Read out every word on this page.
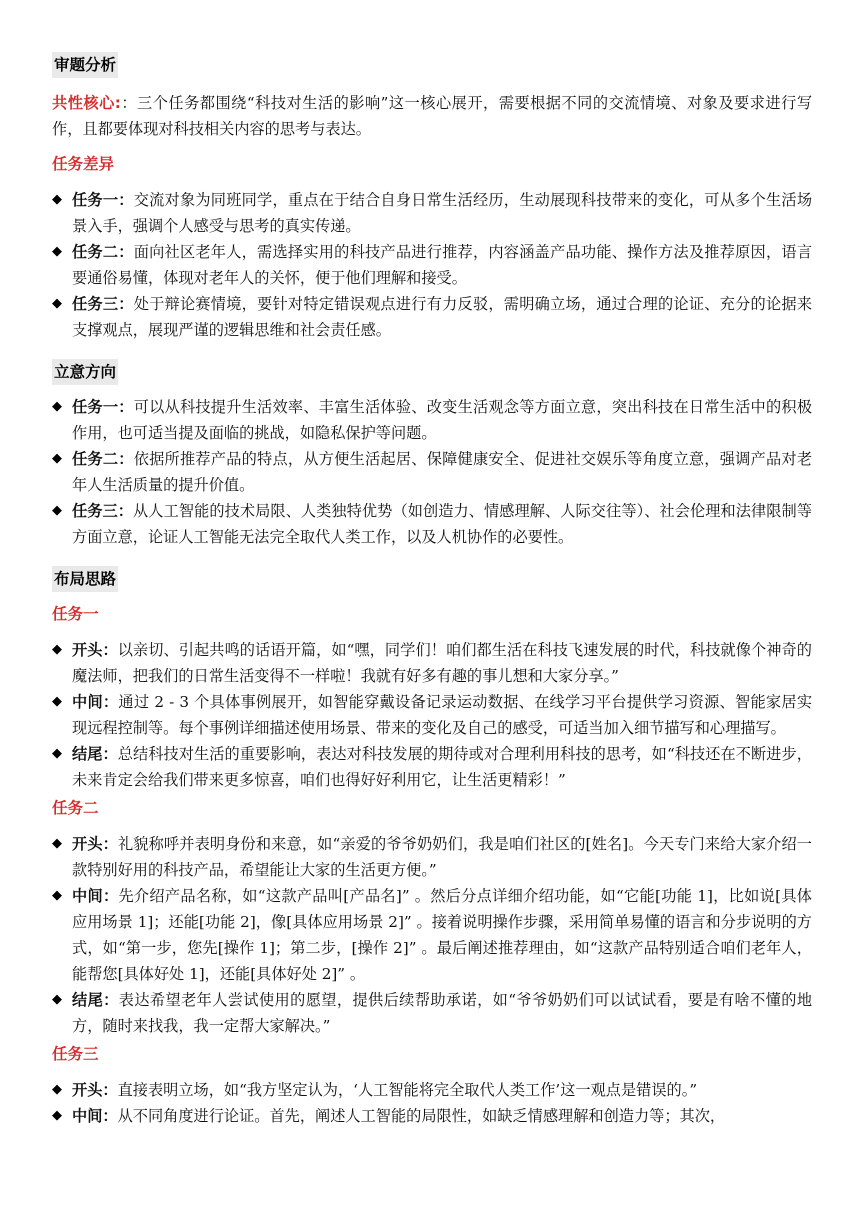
审题分析
共性核心:：三个任务都围绕“科技对生活的影响”这一核心展开，需要根据不同的交流情境、对象及要求进行写作，且都要体现对科技相关内容的思考与表达。
任务差异
◆ 任务一：交流对象为同班同学，重点在于结合自身日常生活经历，生动展现科技带来的变化，可从多个生活场景入手，强调个人感受与思考的真实传递。
◆ 任务二：面向社区老年人，需选择实用的科技产品进行推荐，内容涵盖产品功能、操作方法及推荐原因，语言要通俗易懂，体现对老年人的关怀，便于他们理解和接受。
◆ 任务三：处于辩论赛情境，要针对特定错误观点进行有力反驳，需明确立场，通过合理的论证、充分的论据来支撑观点，展现严谨的逻辑思维和社会责任感。
立意方向
◆ 任务一：可以从科技提升生活效率、丰富生活体验、改变生活观念等方面立意，突出科技在日常生活中的积极作用，也可适当提及面临的挑战，如隐私保护等问题。
◆ 任务二：依据所推荐产品的特点，从方便生活起居、保障健康安全、促进社交娱乐等角度立意，强调产品对老年人生活质量的提升价值。
◆ 任务三：从人工智能的技术局限、人类独特优势（如创造力、情感理解、人际交往等）、社会伦理和法律限制等方面立意，论证人工智能无法完全取代人类工作，以及人机协作的必要性。
布局思路
任务一
◆ 开头：以亲切、引起共鸣的话语开篇，如“嘿，同学们！咱们都生活在科技飞速发展的时代，科技就像个神奇的魔法师，把我们的日常生活变得不一样啦！我就有好多有趣的事儿想和大家分享。”
◆ 中间：通过 2 - 3 个具体事例展开，如智能穿戴设备记录运动数据、在线学习平台提供学习资源、智能家居实现远程控制等。每个事例详细描述使用场景、带来的变化及自己的感受，可适当加入细节描写和心理描写。
◆ 结尾：总结科技对生活的重要影响，表达对科技发展的期待或对合理利用科技的思考，如“科技还在不断进步，未来肯定会给我们带来更多惊喜，咱们也得好好利用它，让生活更精彩！”
任务二
◆ 开头：礼貌称呼并表明身份和来意，如“亲爱的爷爷奶奶们，我是咱们社区的[姓名]。今天专门来给大家介绍一款特别好用的科技产品，希望能让大家的生活更方便。”
◆ 中间：先介绍产品名称，如“这款产品叫[产品名]” 。然后分点详细介绍功能，如“它能[功能 1]，比如说[具体应用场景 1]；还能[功能 2]，像[具体应用场景 2]” 。接着说明操作步骤，采用简单易懂的语言和分步说明的方式，如“第一步，您先[操作 1]；第二步，[操作 2]” 。最后阐述推荐理由，如“这款产品特别适合咱们老年人，能帮您[具体好处 1]，还能[具体好处 2]” 。
◆ 结尾：表达希望老年人尝试使用的愿望，提供后续帮助承诺，如“爷爷奶奶们可以试试看，要是有啥不懂的地方，随时来找我，我一定帮大家解决。”
任务三
◆ 开头：直接表明立场，如“我方坚定认为，‘人工智能将完全取代人类工作’这一观点是错误的。”
◆ 中间：从不同角度进行论证。首先，阐述人工智能的局限性，如缺乏情感理解和创造力等；其次，
